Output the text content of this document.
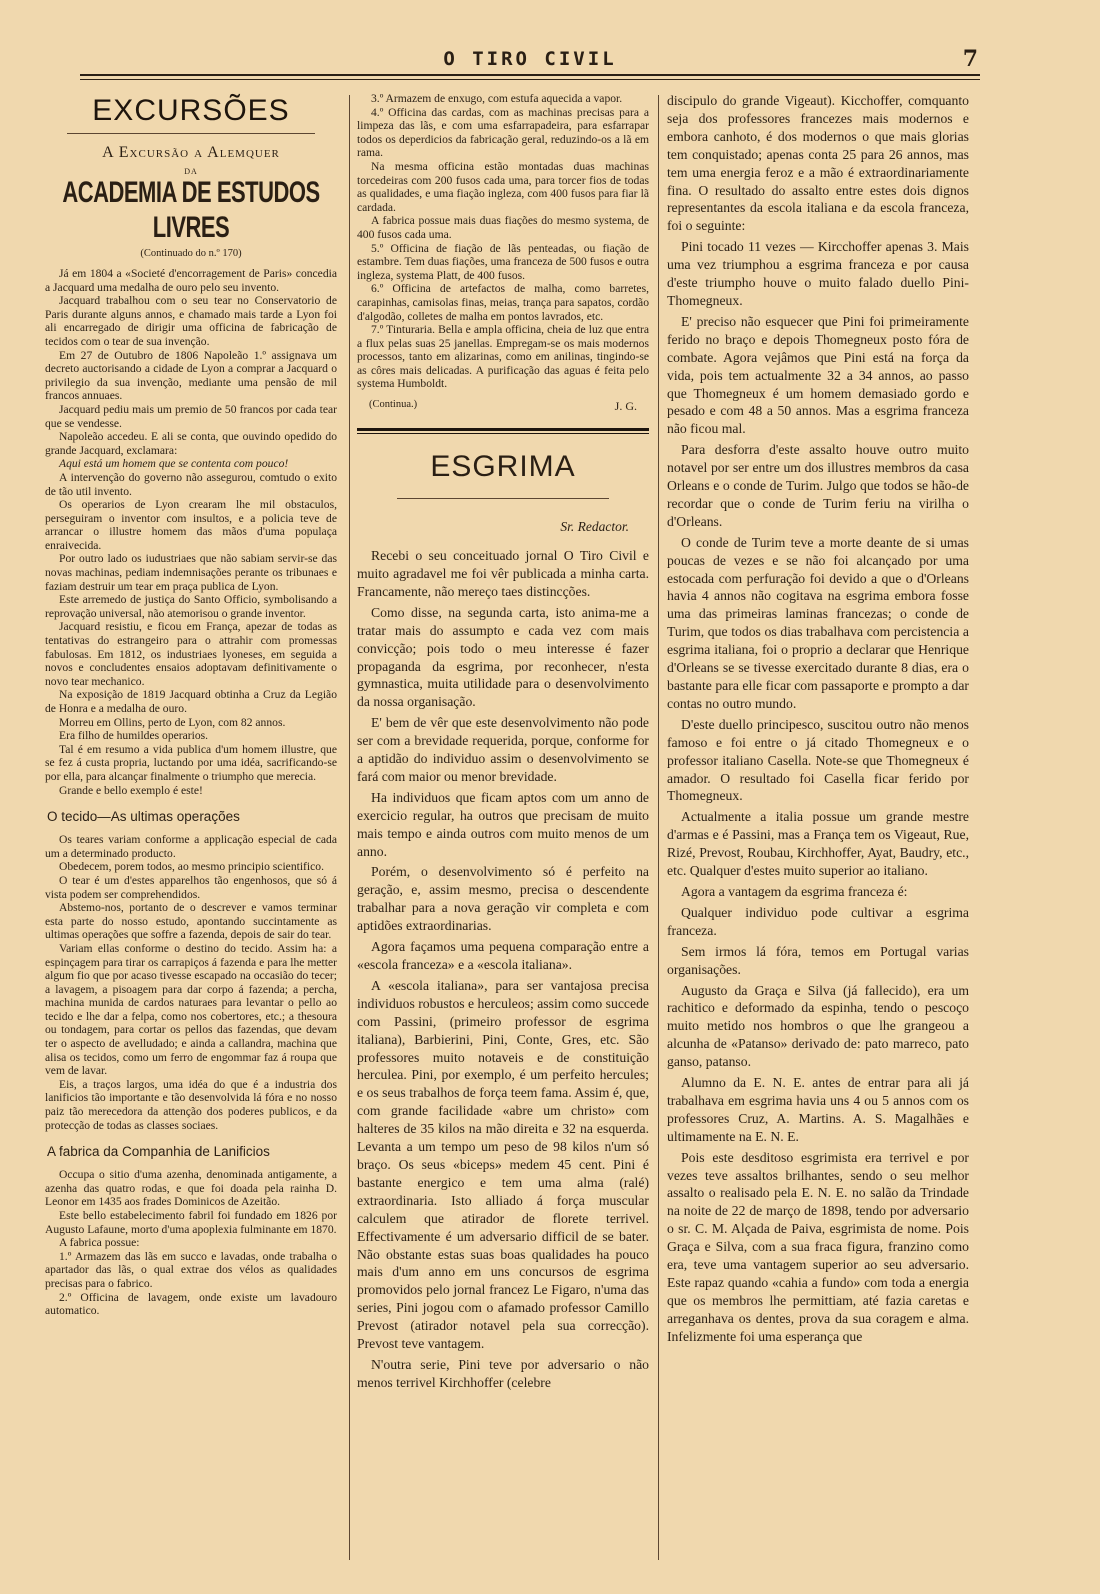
O TIRO CIVIL	7
EXCURSÕES
A Excursão a Alemquer
DA
ACADEMIA DE ESTUDOS LIVRES
(Continuado do n.º 170)

Já em 1804 a «Societé d'encorragement de Paris» concedia a Jacquard uma medalha de ouro pelo seu invento.

Jacquard trabalhou com o seu tear no Conservatorio de Paris durante alguns annos, e chamado mais tarde a Lyon foi ali encarregado de dirigir uma officina de fabricação de tecidos com o tear de sua invenção.

Em 27 de Outubro de 1806 Napoleão 1.º assignava um decreto auctorisando a cidade de Lyon a comprar a Jacquard o privilegio da sua invenção, mediante uma pensão de mil francos annuaes.

Jacquard pediu mais um premio de 50 francos por cada tear que se vendesse.

Napoleão accedeu. E ali se conta, que ouvindo opedido do grande Jacquard, exclamara:

Aqui está um homem que se contenta com pouco!

A intervenção do governo não assegurou, comtudo o exito de tão util invento.

Os operarios de Lyon crearam lhe mil obstaculos, perseguiram o inventor com insultos, e a policia teve de arrancar o illustre homem das mãos d'uma populaça enraivecida.

Por outro lado os iudustriaes que não sabiam servir-se das novas machinas, pediam indemnisações perante os tribunaes e faziam destruir um tear em praça publica de Lyon.

Este arremedo de justiça do Santo Officio, symbolisando a reprovação universal, não atemorisou o grande inventor.

Jacquard resistiu, e ficou em França, apezar de todas as tentativas do estrangeiro para o attrahir com promessas fabulosas. Em 1812, os industriaes lyoneses, em seguida a novos e concludentes ensaios adoptavam definitivamente o novo tear mechanico.

Na exposição de 1819 Jacquard obtinha a Cruz da Legião de Honra e a medalha de ouro.

Morreu em Ollins, perto de Lyon, com 82 annos.

Era filho de humildes operarios.

Tal é em resumo a vida publica d'um homem illustre, que se fez á custa propria, luctando por uma idéa, sacrificando-se por ella, para alcançar finalmente o triumpho que merecia.

Grande e bello exemplo é este!

O tecido—As ultimas operações

Os teares variam conforme a applicação especial de cada um a determinado producto.

Obedecem, porem todos, ao mesmo principio scientifico.

O tear é um d'estes apparelhos tão engenhosos, que só á vista podem ser comprehendidos.

Abstemo-nos, portanto de o descrever e vamos terminar esta parte do nosso estudo, apontando succintamente as ultimas operações que soffre a fazenda, depois de sair do tear.

Variam ellas conforme o destino do tecido. Assim ha: a espinçagem para tirar os carrapiços á fazenda e para lhe metter algum fio que por acaso tivesse escapado na occasião do tecer; a lavagem, a pisoagem para dar corpo á fazenda; a percha, machina munida de cardos naturaes para levantar o pello ao tecido e lhe dar a felpa, como nos cobertores, etc.; a thesoura ou tondagem, para cortar os pellos das fazendas, que devam ter o aspecto de avelludado; e ainda a callandra, machina que alisa os tecidos, como um ferro de engommar faz á roupa que vem de lavar.

Eis, a traços largos, uma idéa do que é a industria dos lanificios tão importante e tão desenvolvida lá fóra e no nosso paiz tão merecedora da attenção dos poderes publicos, e da protecção de todas as classes sociaes.

A fabrica da Companhia de Lanificios

Occupa o sitio d'uma azenha, denominada antigamente, a azenha das quatro rodas, e que foi doada pela rainha D. Leonor em 1435 aos frades Dominicos de Azeitão.

Este bello estabelecimento fabril foi fundado em 1826 por Augusto Lafaune, morto d'uma apoplexia fulminante em 1870.

A fabrica possue:

1.º Armazem das lãs em succo e lavadas, onde trabalha o apartador das lãs, o qual extrae dos vélos as qualidades precisas para o fabrico.

2.º Officina de lavagem, onde existe um lavadouro automatico.

3.º Armazem de enxugo, com estufa aquecida a vapor.

4.º Officina das cardas, com as machinas precisas para a limpeza das lãs, e com uma esfarrapadeira, para esfarrapar todos os deperdicios da fabricação geral, reduzindo-os a lã em rama.

Na mesma officina estão montadas duas machinas torcedeiras com 200 fusos cada uma, para torcer fios de todas as qualidades, e uma fiação ingleza, com 400 fusos para fiar lã cardada.

A fabrica possue mais duas fiações do mesmo systema, de 400 fusos cada uma.

5.º Officina de fiação de lãs penteadas, ou fiação de estambre. Tem duas fiações, uma franceza de 500 fusos e outra ingleza, systema Platt, de 400 fusos.

6.º Officina de artefactos de malha, como barretes, carapinhas, camisolas finas, meias, trança para sapatos, cordão d'algodão, colletes de malha em pontos lavrados, etc.

7.º Tinturaria. Bella e ampla officina, cheia de luz que entra a flux pelas suas 25 janellas. Empregam-se os mais modernos processos, tanto em alizarinas, como em anilinas, tingindo-se as côres mais delicadas. A purificação das aguas é feita pelo systema Humboldt.

(Continua.)	J. G.
ESGRIMA
Sr. Redactor.

Recebi o seu conceituado jornal O Tiro Civil e muito agradavel me foi vêr publicada a minha carta. Francamente, não mereço taes distincções.

Como disse, na segunda carta, isto anima-me a tratar mais do assumpto e cada vez com mais convicção; pois todo o meu interesse é fazer propaganda da esgrima, por reconhecer, n'esta gymnastica, muita utilidade para o desenvolvimento da nossa organisação.

E' bem de vêr que este desenvolvimento não pode ser com a brevidade requerida, porque, conforme for a aptidão do individuo assim o desenvolvimento se fará com maior ou menor brevidade.

Ha individuos que ficam aptos com um anno de exercicio regular, ha outros que precisam de muito mais tempo e ainda outros com muito menos de um anno.

Porém, o desenvolvimento só é perfeito na geração, e, assim mesmo, precisa o descendente trabalhar para a nova geração vir completa e com aptidões extraordinarias.

Agora façamos uma pequena comparação entre a «escola franceza» e a «escola italiana».

A «escola italiana», para ser vantajosa precisa individuos robustos e herculeos; assim como succede com Passini, (primeiro professor de esgrima italiana), Barbierini, Pini, Conte, Gres, etc. São professores muito notaveis e de constituição herculea. Pini, por exemplo, é um perfeito hercules; e os seus trabalhos de força teem fama. Assim é, que, com grande facilidade «abre um christo» com halteres de 35 kilos na mão direita e 32 na esquerda. Levanta a um tempo um peso de 98 kilos n'um só braço. Os seus «biceps» medem 45 cent. Pini é bastante energico e tem uma alma (ralé) extraordinaria. Isto alliado á força muscular calculem que atirador de florete terrivel. Effectivamente é um adversario difficil de se bater. Não obstante estas suas boas qualidades ha pouco mais d'um anno em uns concursos de esgrima promovidos pelo jornal francez Le Figaro, n'uma das series, Pini jogou com o afamado professor Camillo Prevost (atirador notavel pela sua correcção). Prevost teve vantagem.

N'outra serie, Pini teve por adversario o não menos terrivel Kirchhoffer (celebre

discipulo do grande Vigeaut). Kicchoffer, comquanto seja dos professores francezes mais modernos e embora canhoto, é dos modernos o que mais glorias tem conquistado; apenas conta 25 para 26 annos, mas tem uma energia feroz e a mão é extraordinariamente fina. O resultado do assalto entre estes dois dignos representantes da escola italiana e da escola franceza, foi o seguinte:

Pini tocado 11 vezes — Kircchoffer apenas 3. Mais uma vez triumphou a esgrima franceza e por causa d'este triumpho houve o muito falado duello Pini-Thomegneux.

E' preciso não esquecer que Pini foi primeiramente ferido no braço e depois Thomegneux posto fóra de combate. Agora vejâmos que Pini está na força da vida, pois tem actualmente 32 a 34 annos, ao passo que Thomegneux é um homem demasiado gordo e pesado e com 48 a 50 annos. Mas a esgrima franceza não ficou mal.

Para desforra d'este assalto houve outro muito notavel por ser entre um dos illustres membros da casa Orleans e o conde de Turim. Julgo que todos se hão-de recordar que o conde de Turim feriu na virilha o d'Orleans.

O conde de Turim teve a morte deante de si umas poucas de vezes e se não foi alcançado por uma estocada com perfuração foi devido a que o d'Orleans havia 4 annos não cogitava na esgrima embora fosse uma das primeiras laminas francezas; o conde de Turim, que todos os dias trabalhava com percistencia a esgrima italiana, foi o proprio a declarar que Henrique d'Orleans se se tivesse exercitado durante 8 dias, era o bastante para elle ficar com passaporte e prompto a dar contas no outro mundo.

D'este duello principesco, suscitou outro não menos famoso e foi entre o já citado Thomegneux e o professor italiano Casella. Note-se que Thomegneux é amador. O resultado foi Casella ficar ferido por Thomegneux.

Actualmente a italia possue um grande mestre d'armas e é Passini, mas a França tem os Vigeaut, Rue, Rizé, Prevost, Roubau, Kirchhoffer, Ayat, Baudry, etc., etc. Qualquer d'estes muito superior ao italiano.

Agora a vantagem da esgrima franceza é:

Qualquer individuo pode cultivar a esgrima franceza.

Sem irmos lá fóra, temos em Portugal varias organisações.

Augusto da Graça e Silva (já fallecido), era um rachitico e deformado da espinha, tendo o pescoço muito metido nos hombros o que lhe grangeou a alcunha de «Patanso» derivado de: pato marreco, pato ganso, patanso.

Alumno da E. N. E. antes de entrar para ali já trabalhava em esgrima havia uns 4 ou 5 annos com os professores Cruz, A. Martins. A. S. Magalhães e ultimamente na E. N. E.

Pois este desditoso esgrimista era terrivel e por vezes teve assaltos brilhantes, sendo o seu melhor assalto o realisado pela E. N. E. no salão da Trindade na noite de 22 de março de 1898, tendo por adversario o sr. C. M. Alçada de Paiva, esgrimista de nome. Pois Graça e Silva, com a sua fraca figura, franzino como era, teve uma vantagem superior ao seu adversario. Este rapaz quando «cahia a fundo» com toda a energia que os membros lhe permittiam, até fazia caretas e arreganhava os dentes, prova da sua coragem e alma. Infelizmente foi uma esperança que
